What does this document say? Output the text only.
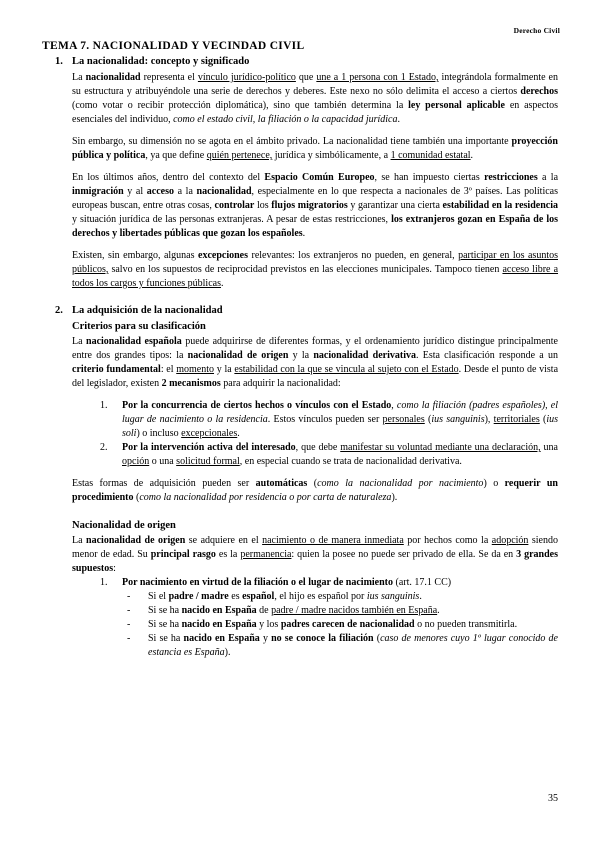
Derecho Civil
TEMA 7. NACIONALIDAD Y VECINDAD CIVIL
1. La nacionalidad: concepto y significado

La nacionalidad representa el vínculo jurídico-político que une a 1 persona con 1 Estado, integrándola formalmente en su estructura y atribuyéndole una serie de derechos y deberes. Este nexo no sólo delimita el acceso a ciertos derechos (como votar o recibir protección diplomática), sino que también determina la ley personal aplicable en aspectos esenciales del individuo, como el estado civil, la filiación o la capacidad jurídica.

Sin embargo, su dimensión no se agota en el ámbito privado. La nacionalidad tiene también una importante proyección pública y política, ya que define quién pertenece, jurídica y simbólicamente, a 1 comunidad estatal.

En los últimos años, dentro del contexto del Espacio Común Europeo, se han impuesto ciertas restricciones a la inmigración y al acceso a la nacionalidad, especialmente en lo que respecta a nacionales de 3º países. Las políticas europeas buscan, entre otras cosas, controlar los flujos migratorios y garantizar una cierta estabilidad en la residencia y situación jurídica de las personas extranjeras. A pesar de estas restricciones, los extranjeros gozan en España de los derechos y libertades públicas que gozan los españoles.

Existen, sin embargo, algunas excepciones relevantes: los extranjeros no pueden, en general, participar en los asuntos públicos, salvo en los supuestos de reciprocidad previstos en las elecciones municipales. Tampoco tienen acceso libre a todos los cargos y funciones públicas.

2. La adquisición de la nacionalidad
Criterios para su clasificación

La nacionalidad española puede adquirirse de diferentes formas, y el ordenamiento jurídico distingue principalmente entre dos grandes tipos: la nacionalidad de origen y la nacionalidad derivativa. Esta clasificación responde a un criterio fundamental: el momento y la estabilidad con la que se vincula al sujeto con el Estado. Desde el punto de vista del legislador, existen 2 mecanismos para adquirir la nacionalidad:

1.	Por la concurrencia de ciertos hechos o vínculos con el Estado, como la filiación (padres españoles), el lugar de nacimiento o la residencia. Estos vínculos pueden ser personales (ius sanguinis), territoriales (ius soli) o incluso excepcionales.
2.	Por la intervención activa del interesado, que debe manifestar su voluntad mediante una declaración, una opción o una solicitud formal, en especial cuando se trata de nacionalidad derivativa.

Estas formas de adquisición pueden ser automáticas (como la nacionalidad por nacimiento) o requerir un procedimiento (como la nacionalidad por residencia o por carta de naturaleza).

Nacionalidad de origen

La nacionalidad de origen se adquiere en el nacimiento o de manera inmediata por hechos como la adopción siendo menor de edad. Su principal rasgo es la permanencia: quien la posee no puede ser privado de ella. Se da en 3 grandes supuestos:

1.	Por nacimiento en virtud de la filiación o el lugar de nacimiento (art. 17.1 CC)
-	Si el padre / madre es español, el hijo es español por ius sanguinis.
-	Si se ha nacido en España de padre / madre nacidos también en España.
-	Si se ha nacido en España y los padres carecen de nacionalidad o no pueden transmitirla.
-	Si se ha nacido en España y no se conoce la filiación (caso de menores cuyo 1º lugar conocido de estancia es España).
35
